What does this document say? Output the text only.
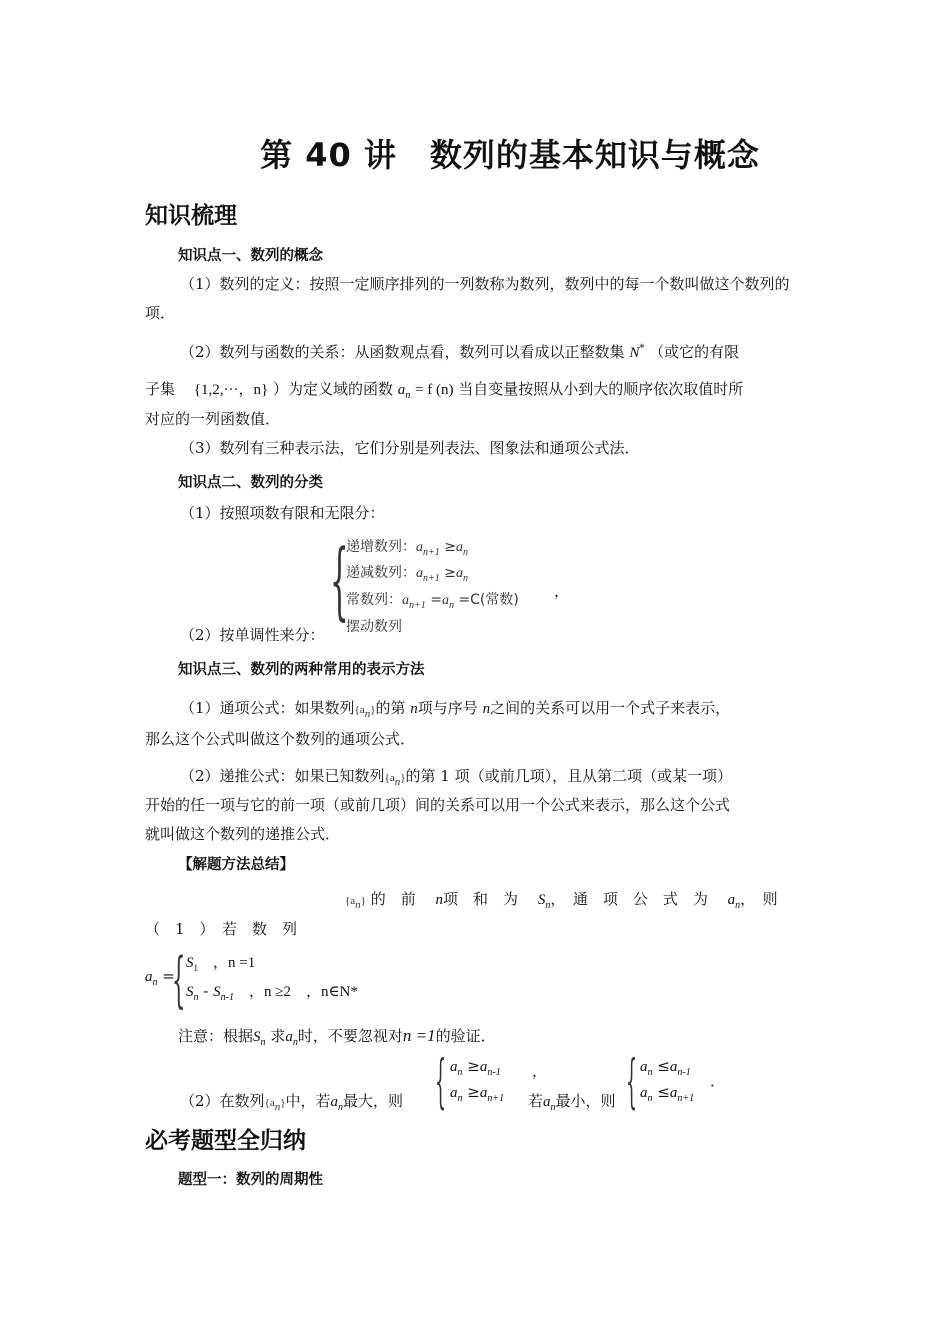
第 40 讲　数列的基本知识与概念
知识梳理
知识点一、数列的概念
（1）数列的定义：按照一定顺序排列的一列数称为数列，数列中的每一个数叫做这个数列的项．
（2）数列与函数的关系：从函数观点看，数列可以看成以正整数集 N* （或它的有限
子集 {1,2,···，n} ）为定义域的函数 $a_n = f$ (n) 当自变量按照从小到大的顺序依次取值时所
对应的一列函数值．
（3）数列有三种表示法，它们分别是列表法、图象法和通项公式法．
知识点二、数列的分类
（1）按照项数有限和无限分：
{
递增数列：$a_{n+1} \ge a_n$
递减数列：$a_{n+1} \ge a_n$
常数列：$a_{n+1} =a_n =C$(常数)
摆动数列
，
（2）按单调性来分：
知识点三、数列的两种常用的表示方法
（1）通项公式：如果数列$\{a_n\}$的第 n项与序号 n之间的关系可以用一个式子来表示，
那么这个公式叫做这个数列的通项公式．
（2）递推公式：如果已知数列$\{a_n\}$的第 1 项（或前几项），且从第二项（或某一项）
开始的任一项与它的前一项（或前几项）间的关系可以用一个公式来表示，那么这个公式
就叫做这个数列的递推公式．
【解题方法总结】
$\{a_n\}$ 的　前　 n项　和　为　 $S_n$，　通　项　公　式　为　 $a_n$，　则
（　1　）　若　数　列
$a_n$ =
{ $S_1$　 ，n =1
$S_n - S_{n-1}$　 ，n ≥2　，n∈N*
注意：根据$S_n$ 求$a_n$时，不要忽视对n =1的验证．
{ $a_n \ge a_{n-1}$
$a_n \ge a_{n+1}$
， { $a_n \le a_{n-1}$
$a_n \le a_{n+1}$
．
（2）在数列$\{a_n\}$中，若$a_n$最大，则	若$a_n$最小，则
必考题型全归纳
题型一：数列的周期性
